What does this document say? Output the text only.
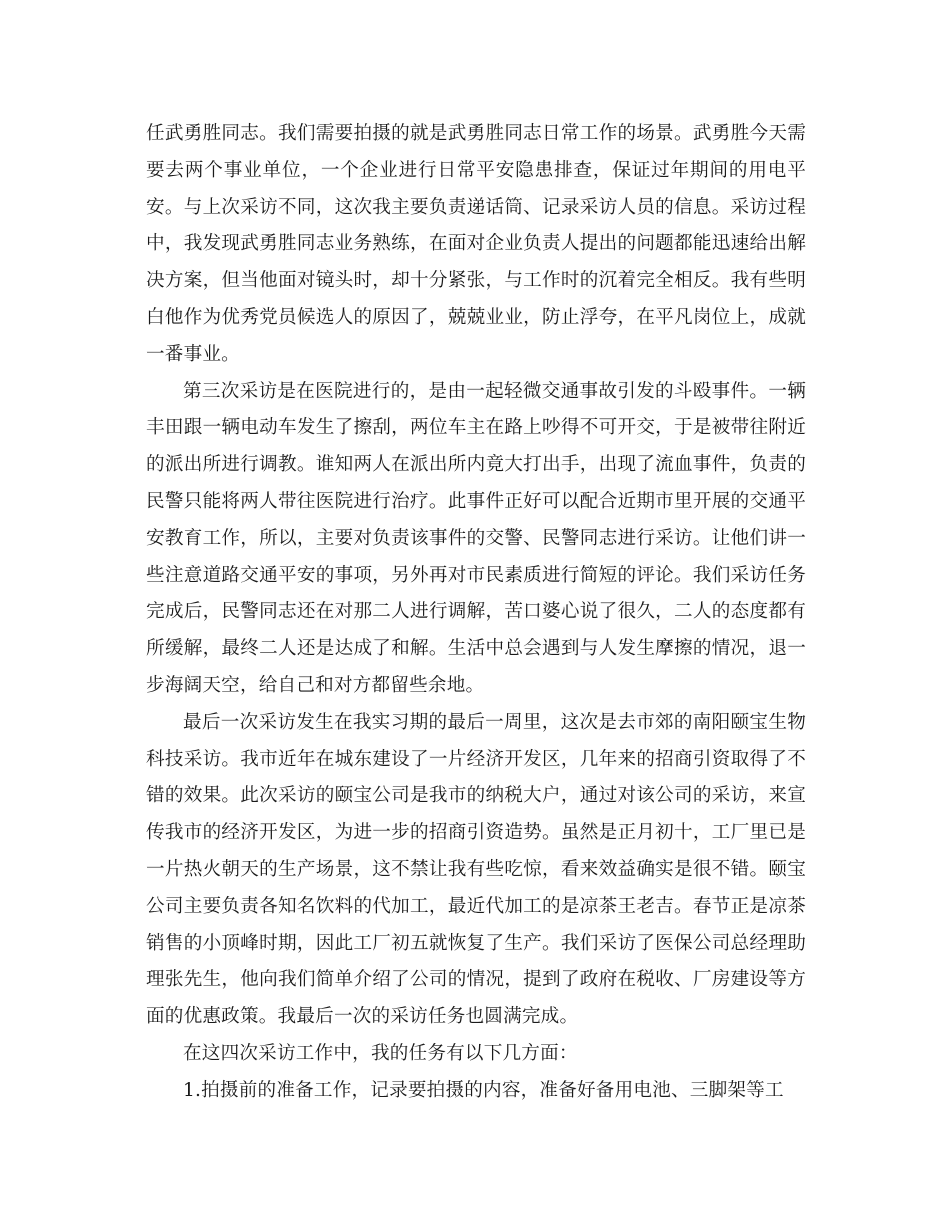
任武勇胜同志。我们需要拍摄的就是武勇胜同志日常工作的场景。武勇胜今天需要去两个事业单位，一个企业进行日常平安隐患排查，保证过年期间的用电平安。与上次采访不同，这次我主要负责递话筒、记录采访人员的信息。采访过程中，我发现武勇胜同志业务熟练，在面对企业负责人提出的问题都能迅速给出解决方案，但当他面对镜头时，却十分紧张，与工作时的沉着完全相反。我有些明白他作为优秀党员候选人的原因了，兢兢业业，防止浮夸，在平凡岗位上，成就一番事业。

第三次采访是在医院进行的，是由一起轻微交通事故引发的斗殴事件。一辆丰田跟一辆电动车发生了擦刮，两位车主在路上吵得不可开交，于是被带往附近的派出所进行调教。谁知两人在派出所内竟大打出手，出现了流血事件，负责的民警只能将两人带往医院进行治疗。此事件正好可以配合近期市里开展的交通平安教育工作，所以，主要对负责该事件的交警、民警同志进行采访。让他们讲一些注意道路交通平安的事项，另外再对市民素质进行简短的评论。我们采访任务完成后，民警同志还在对那二人进行调解，苦口婆心说了很久，二人的态度都有所缓解，最终二人还是达成了和解。生活中总会遇到与人发生摩擦的情况，退一步海阔天空，给自己和对方都留些余地。

最后一次采访发生在我实习期的最后一周里，这次是去市郊的南阳颐宝生物科技采访。我市近年在城东建设了一片经济开发区，几年来的招商引资取得了不错的效果。此次采访的颐宝公司是我市的纳税大户，通过对该公司的采访，来宣传我市的经济开发区，为进一步的招商引资造势。虽然是正月初十，工厂里已是一片热火朝天的生产场景，这不禁让我有些吃惊，看来效益确实是很不错。颐宝公司主要负责各知名饮料的代加工，最近代加工的是凉茶王老吉。春节正是凉茶销售的小顶峰时期，因此工厂初五就恢复了生产。我们采访了医保公司总经理助理张先生，他向我们简单介绍了公司的情况，提到了政府在税收、厂房建设等方面的优惠政策。我最后一次的采访任务也圆满完成。

在这四次采访工作中，我的任务有以下几方面：

1.拍摄前的准备工作，记录要拍摄的内容，准备好备用电池、三脚架等工
